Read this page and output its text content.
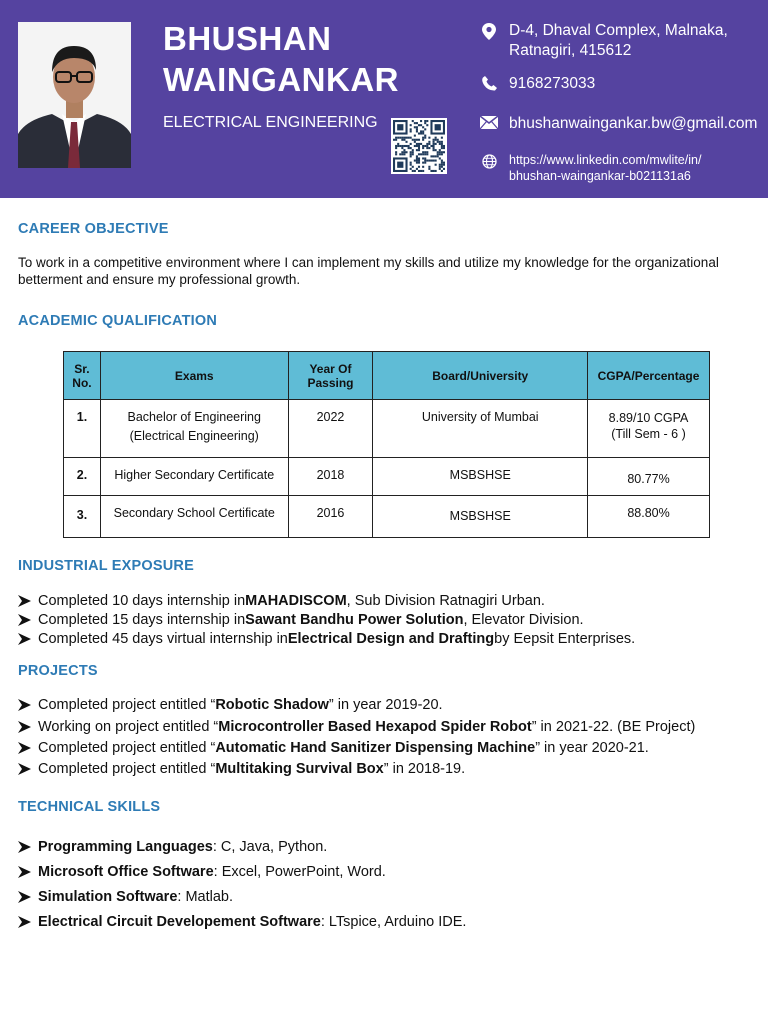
BHUSHAN
WAINGANKAR
ELECTRICAL ENGINEERING
D-4, Dhaval Complex, Malnaka,
Ratnagiri, 415612
9168273033
bhushanwaingankar.bw@gmail.com
https://www.linkedin.com/mwlite/in/
bhushan-waingankar-b021131a6
CAREER OBJECTIVE
To work in a competitive environment where I can implement my skills and utilize my knowledge for the organizational betterment and ensure my professional growth.
ACADEMIC QUALIFICATION
Sr.
No.	Exams	Year Of
Passing	Board/University	CGPA/Percentage
1.	Bachelor of Engineering
(Electrical Engineering)	2022	University of Mumbai	8.89/10 CGPA
(Till Sem - 6 )
2.	Higher Secondary Certificate	2018	MSBSHSE	80.77%
3.	Secondary School Certificate	2016	MSBSHSE	88.80%
INDUSTRIAL EXPOSURE
Completed 10 days internship in MAHADISCOM , Sub Division Ratnagiri Urban.
Completed 15 days internship in Sawant Bandhu Power Solution , Elevator Division.
Completed 45 days virtual internship in Electrical Design and Drafting by Eepsit Enterprises.
PROJECTS
Completed project entitled “ Robotic Shadow ” in year 2019-20.
Working on project entitled “ Microcontroller Based Hexapod Spider Robot ” in 2021-22. (BE Project)
Completed project entitled “ Automatic Hand Sanitizer Dispensing Machine ” in year 2020-21.
Completed project entitled “ Multitaking Survival Box ” in 2018-19.
TECHNICAL SKILLS
Programming Languages : C, Java, Python.
Microsoft Office Software : Excel, PowerPoint, Word.
Simulation Software : Matlab.
Electrical Circuit Developement Software : LTspice, Arduino IDE.
